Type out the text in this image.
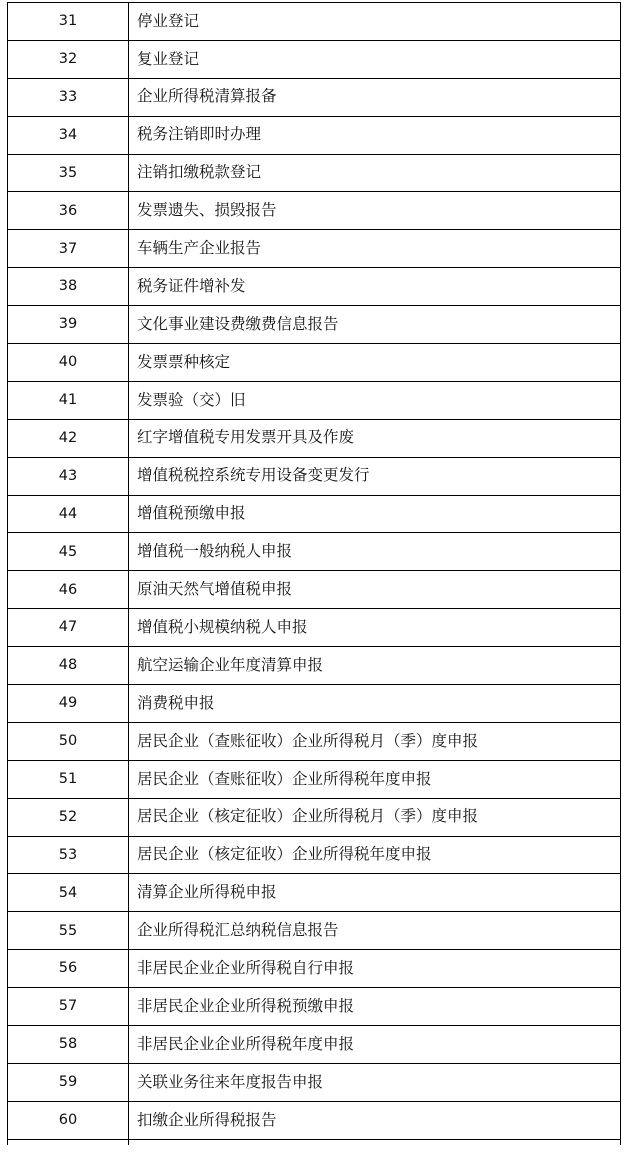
31	停业登记
32	复业登记
33	企业所得税清算报备
34	税务注销即时办理
35	注销扣缴税款登记
36	发票遗失、损毁报告
37	车辆生产企业报告
38	税务证件增补发
39	文化事业建设费缴费信息报告
40	发票票种核定
41	发票验（交）旧
42	红字增值税专用发票开具及作废
43	增值税税控系统专用设备变更发行
44	增值税预缴申报
45	增值税一般纳税人申报
46	原油天然气增值税申报
47	增值税小规模纳税人申报
48	航空运输企业年度清算申报
49	消费税申报
50	居民企业（查账征收）企业所得税月（季）度申报
51	居民企业（查账征收）企业所得税年度申报
52	居民企业（核定征收）企业所得税月（季）度申报
53	居民企业（核定征收）企业所得税年度申报
54	清算企业所得税申报
55	企业所得税汇总纳税信息报告
56	非居民企业企业所得税自行申报
57	非居民企业企业所得税预缴申报
58	非居民企业企业所得税年度申报
59	关联业务往来年度报告申报
60	扣缴企业所得税报告
